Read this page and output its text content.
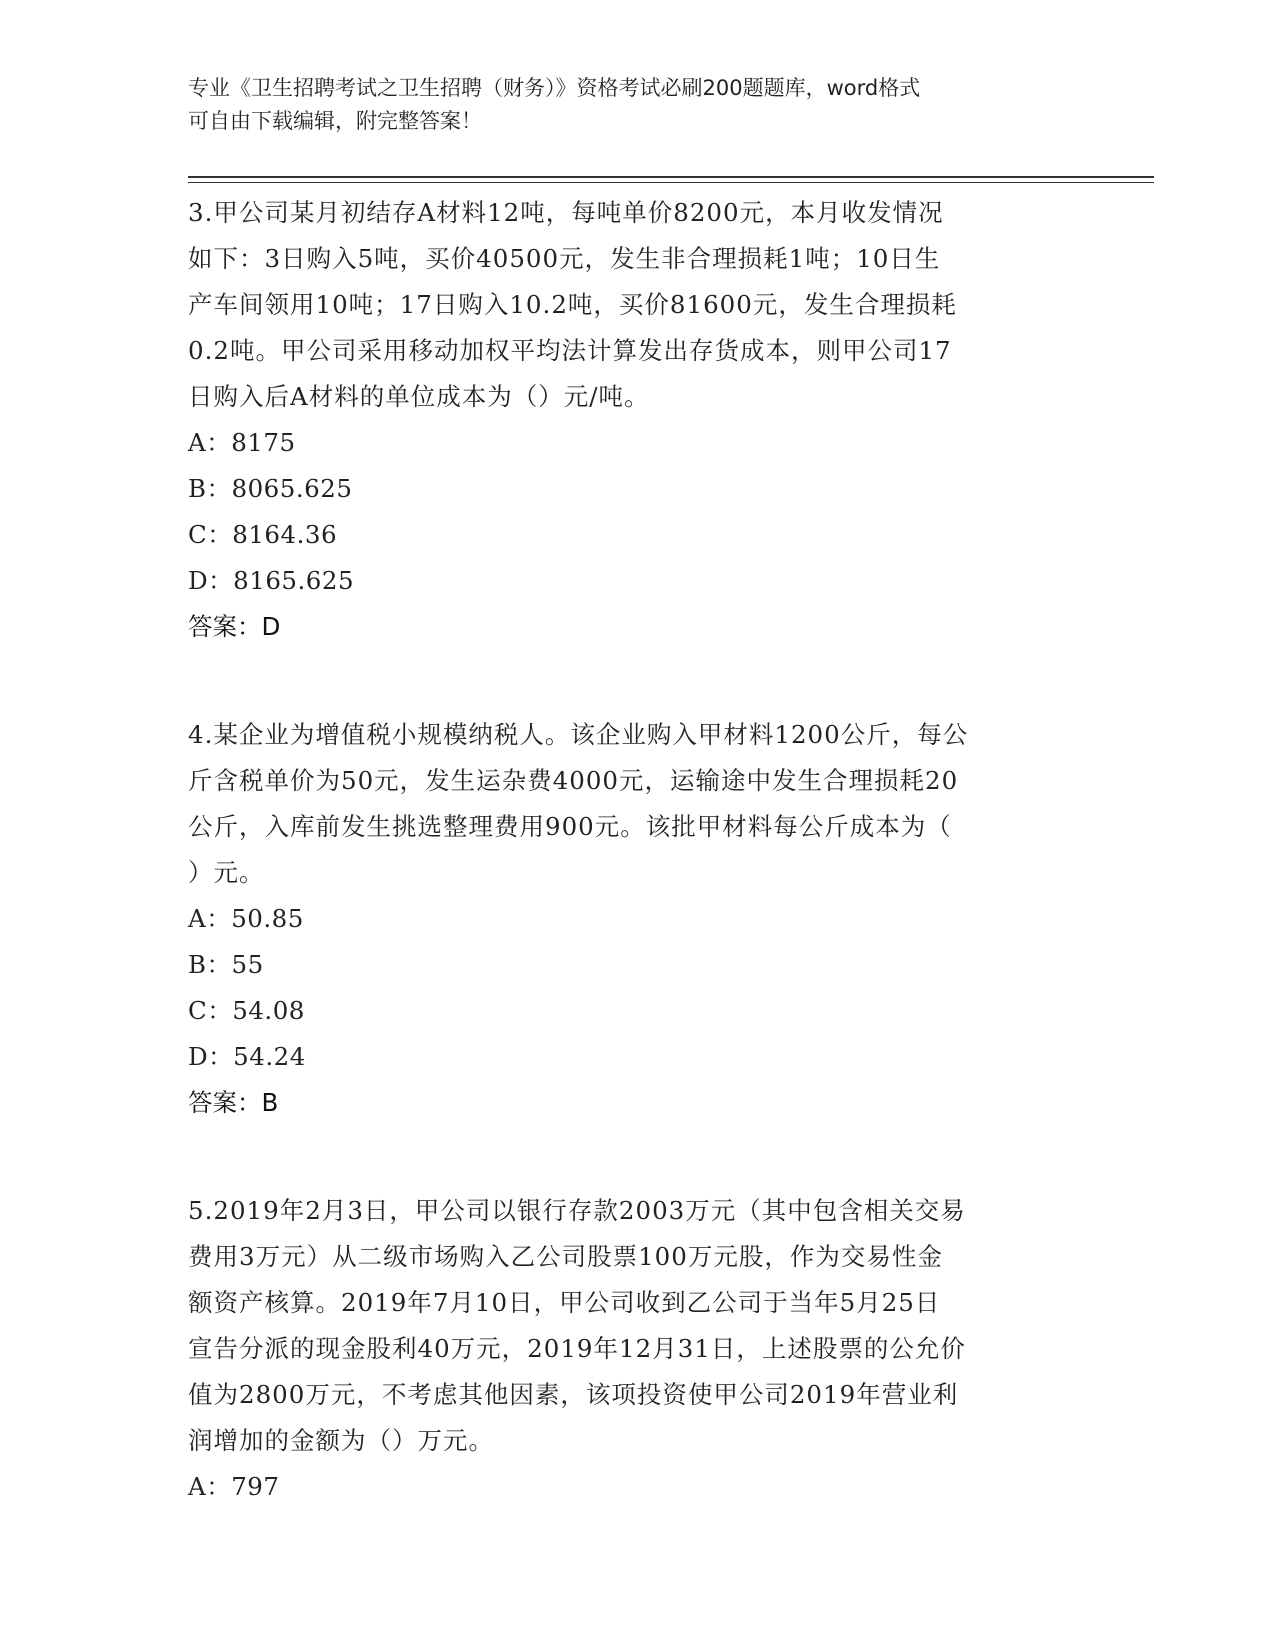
专业《卫生招聘考试之卫生招聘（财务）》资格考试必刷200题题库，word格式
可自由下载编辑，附完整答案！
3.甲公司某月初结存A材料12吨，每吨单价8200元，本月收发情况
如下：3日购入5吨，买价40500元，发生非合理损耗1吨；10日生
产车间领用10吨；17日购入10.2吨，买价81600元，发生合理损耗
0.2吨。甲公司采用移动加权平均法计算发出存货成本，则甲公司17
日购入后A材料的单位成本为（）元/吨。
A：8175
B：8065.625
C：8164.36
D：8165.625
答案：D
4.某企业为增值税小规模纳税人。该企业购入甲材料1200公斤，每公
斤含税单价为50元，发生运杂费4000元，运输途中发生合理损耗20
公斤，入库前发生挑选整理费用900元。该批甲材料每公斤成本为（
）元。
A：50.85
B：55
C：54.08
D：54.24
答案：B
5.2019年2月3日，甲公司以银行存款2003万元（其中包含相关交易
费用3万元）从二级市场购入乙公司股票100万元股，作为交易性金
额资产核算。2019年7月10日，甲公司收到乙公司于当年5月25日
宣告分派的现金股利40万元，2019年12月31日，上述股票的公允价
值为2800万元，不考虑其他因素，该项投资使甲公司2019年营业利
润增加的金额为（）万元。
A：797
